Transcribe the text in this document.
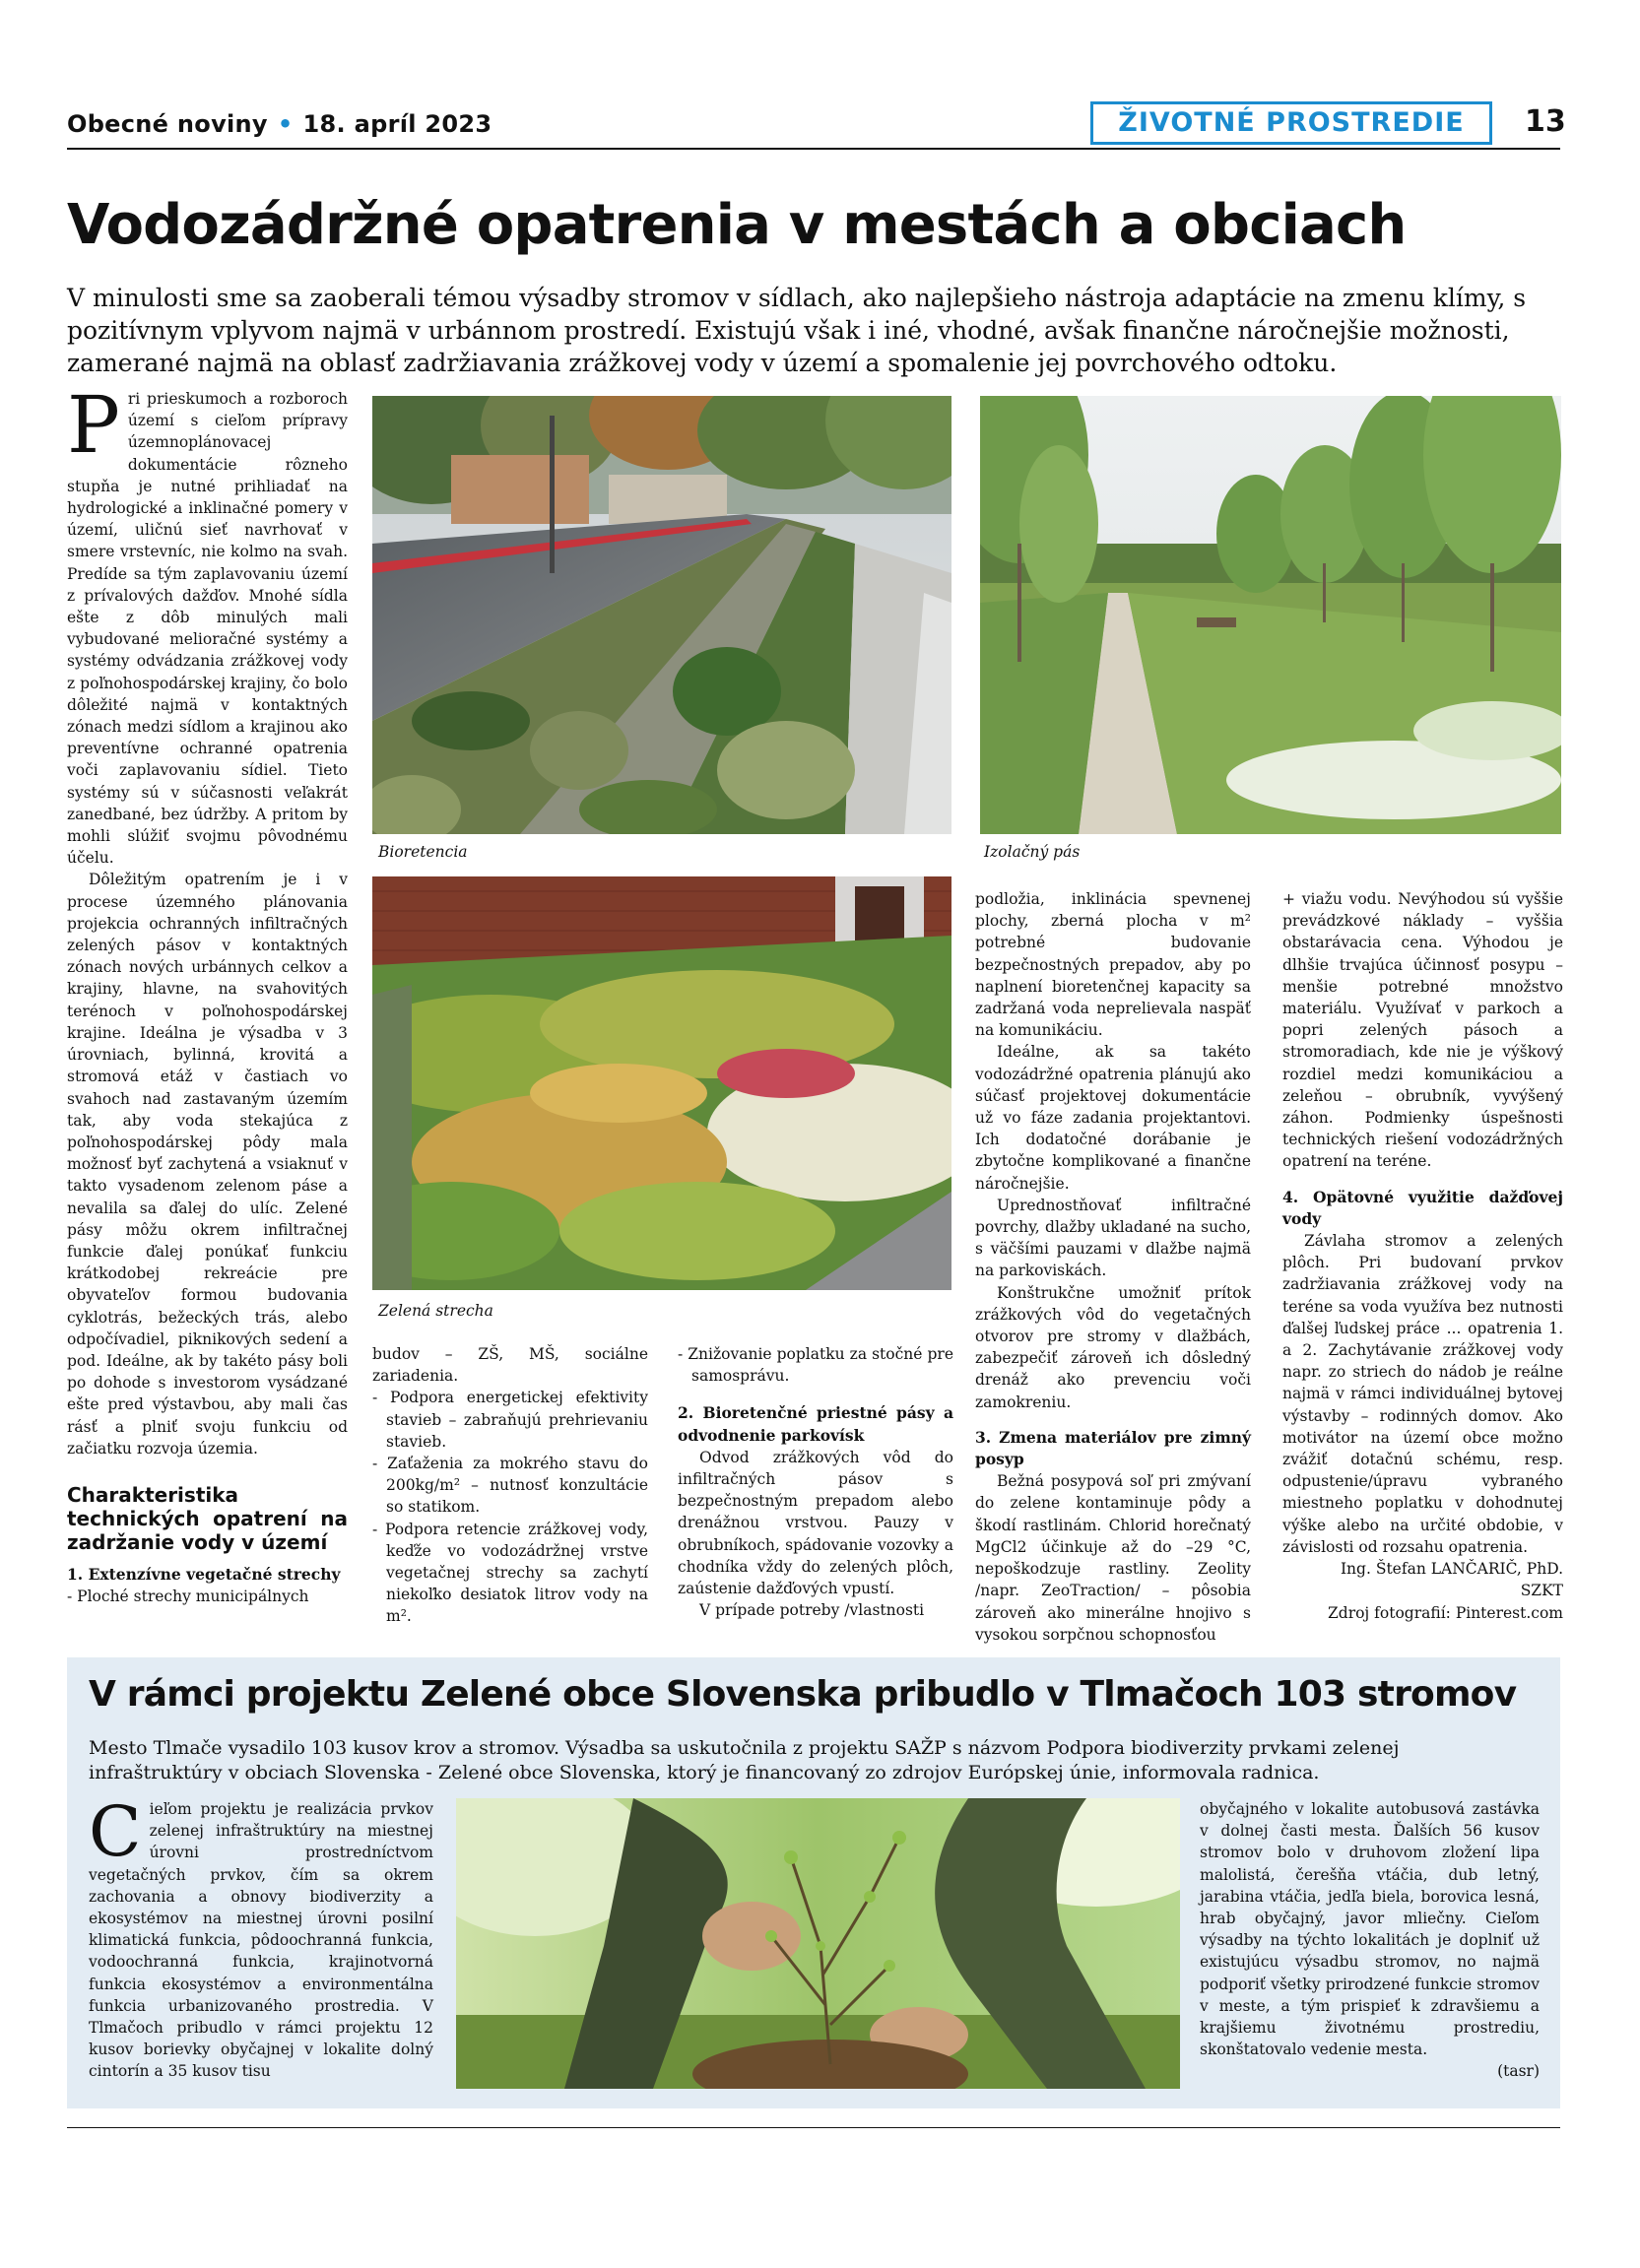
Obecné noviny • 18. apríl 2023	ŽIVOTNÉ PROSTREDIE	13
Vodozádržné opatrenia v mestách a obciach
V minulosti sme sa zaoberali témou výsadby stromov v sídlach, ako najlepšieho nástroja adaptácie na zmenu klímy, s pozitívnym vplyvom najmä v urbánnom prostredí. Existujú však i iné, vhodné, avšak finančne náročnejšie možnosti, zamerané najmä na oblasť zadržiavania zrážkovej vody v území a spomalenie jej povrchového odtoku.

Pri prieskumoch a rozboroch území s cieľom prípravy územnoplánovacej dokumentácie rôzneho stupňa je nutné prihliadať na hydrologické a inklinačné pomery v území, uličnú sieť navrhovať v smere vrstevníc, nie kolmo na svah. Predíde sa tým zaplavovaniu území z prívalových dažďov. Mnohé sídla ešte z dôb minulých mali vybudované melioračné systémy a systémy odvádzania zrážkovej vody z poľnohospodárskej krajiny, čo bolo dôležité najmä v kontaktných zónach medzi sídlom a krajinou ako preventívne ochranné opatrenia voči zaplavovaniu sídiel. Tieto systémy sú v súčasnosti veľakrát zanedbané, bez údržby. A pritom by mohli slúžiť svojmu pôvodnému účelu.

Dôležitým opatrením je i v procese územného plánovania projekcia ochranných infiltračných zelených pásov v kontaktných zónach nových urbánnych celkov a krajiny, hlavne, na svahovitých terénoch v poľnohospodárskej krajine. Ideálna je výsadba v 3 úrovniach, bylinná, krovitá a stromová etáž v častiach vo svahoch nad zastavaným územím tak, aby voda stekajúca z poľnohospodárskej pôdy mala možnosť byť zachytená a vsiaknuť v takto vysadenom zelenom páse a nevalila sa ďalej do ulíc. Zelené pásy môžu okrem infiltračnej funkcie ďalej ponúkať funkciu krátkodobej rekreácie pre obyvateľov formou budovania cyklotrás, bežeckých trás, alebo odpočívadiel, piknikových sedení a pod. Ideálne, ak by takéto pásy boli po dohode s investorom vysádzané ešte pred výstavbou, aby mali čas rásť a plniť svoju funkciu od začiatku rozvoja územia.

Charakteristika technických opatrení na zadržanie vody v území
1. Extenzívne vegetačné strechy
- Ploché strechy municipálnych
Bioretencia	Izolačný pás
Zelená strecha
budov – ZŠ, MŠ, sociálne zariadenia.
- Podpora energetickej efektivity stavieb – zabraňujú prehrievaniu stavieb.
- Zaťaženia za mokrého stavu do 200kg/m² – nutnosť konzultácie so statikom.
- Podpora retencie zrážkovej vody, keďže vo vodozádržnej vrstve vegetačnej strechy sa zachytí niekoľko desiatok litrov vody na m².
- Znižovanie poplatku za stočné pre samosprávu.
2. Bioretenčné priestné pásy a odvodnenie parkovísk

Odvod zrážkových vôd do infiltračných pásov s bezpečnostným prepadom alebo drenážnou vrstvou. Pauzy v obrubníkoch, spádovanie vozovky a chodníka vždy do zelených plôch, zaústenie dažďových vpustí.

V prípade potreby /vlastnosti

podložia, inklinácia spevnenej plochy, zberná plocha v m² potrebné budovanie bezpečnostných prepadov, aby po naplnení bioretenčnej kapacity sa zadržaná voda neprelievala naspäť na komunikáciu.

Ideálne, ak sa takéto vodozádržné opatrenia plánujú ako súčasť projektovej dokumentácie už vo fáze zadania projektantovi. Ich dodatočné dorábanie je zbytočne komplikované a finančne náročnejšie.

Uprednostňovať infiltračné povrchy, dlažby ukladané na sucho, s väčšími pauzami v dlažbe najmä na parkoviskách.

Konštrukčne umožniť prítok zrážkových vôd do vegetačných otvorov pre stromy v dlažbách, zabezpečiť zároveň ich dôsledný drenáž ako prevenciu voči zamokreniu.

3. Zmena materiálov pre zimný posyp

Bežná posypová soľ pri zmývaní do zelene kontaminuje pôdy a škodí rastlinám. Chlorid horečnatý MgCl2 účinkuje až do –29 °C, nepoškodzuje rastliny. Zeolity /napr. ZeoTraction/ – pôsobia zároveň ako minerálne hnojivo s vysokou sorpčnou schopnosťou

+ viažu vodu. Nevýhodou sú vyššie prevádzkové náklady – vyššia obstarávacia cena. Výhodou je dlhšie trvajúca účinnosť posypu – menšie potrebné množstvo materiálu. Využívať v parkoch a popri zelených pásoch a stromoradiach, kde nie je výškový rozdiel medzi komunikáciou a zeleňou – obrubník, vyvýšený záhon. Podmienky úspešnosti technických riešení vodozádržných opatrení na teréne.

4. Opätovné využitie dažďovej vody

Závlaha stromov a zelených plôch. Pri budovaní prvkov zadržiavania zrážkovej vody na teréne sa voda využíva bez nutnosti ďalšej ľudskej práce ... opatrenia 1. a 2. Zachytávanie zrážkovej vody napr. zo striech do nádob je reálne najmä v rámci individuálnej bytovej výstavby – rodinných domov. Ako motivátor na území obce možno zvážiť dotačnú schému, resp. odpustenie/úpravu vybraného miestneho poplatku v dohodnutej výške alebo na určité obdobie, v závislosti od rozsahu opatrenia.

Ing. Štefan LANČARIČ, PhD.
SZKT
Zdroj fotografií: Pinterest.com
V rámci projektu Zelené obce Slovenska pribudlo v Tlmačoch 103 stromov
Mesto Tlmače vysadilo 103 kusov krov a stromov. Výsadba sa uskutočnila z projektu SAŽP s názvom Podpora biodiverzity prvkami zelenej infraštruktúry v obciach Slovenska - Zelené obce Slovenska, ktorý je financovaný zo zdrojov Európskej únie, informovala radnica.

Cieľom projektu je realizácia prvkov zelenej infraštruktúry na miestnej úrovni prostredníctvom vegetačných prvkov, čím sa okrem zachovania a obnovy biodiverzity a ekosystémov na miestnej úrovni posilní klimatická funkcia, pôdoochranná funkcia, vodoochranná funkcia, krajinotvorná funkcia ekosystémov a environmentálna funkcia urbanizovaného prostredia. V Tlmačoch pribudlo v rámci projektu 12 kusov borievky obyčajnej v lokalite dolný cintorín a 35 kusov tisu

obyčajného v lokalite autobusová zastávka v dolnej časti mesta. Ďalších 56 kusov stromov bolo v druhovom zložení lipa malolistá, čerešňa vtáčia, dub letný, jarabina vtáčia, jedľa biela, borovica lesná, hrab obyčajný, javor mliečny. Cieľom výsadby na týchto lokalitách je doplniť už existujúcu výsadbu stromov, no najmä podporiť všetky prirodzené funkcie stromov v meste, a tým prispieť k zdravšiemu a krajšiemu životnému prostrediu, skonštatovalo vedenie mesta.

(tasr)
